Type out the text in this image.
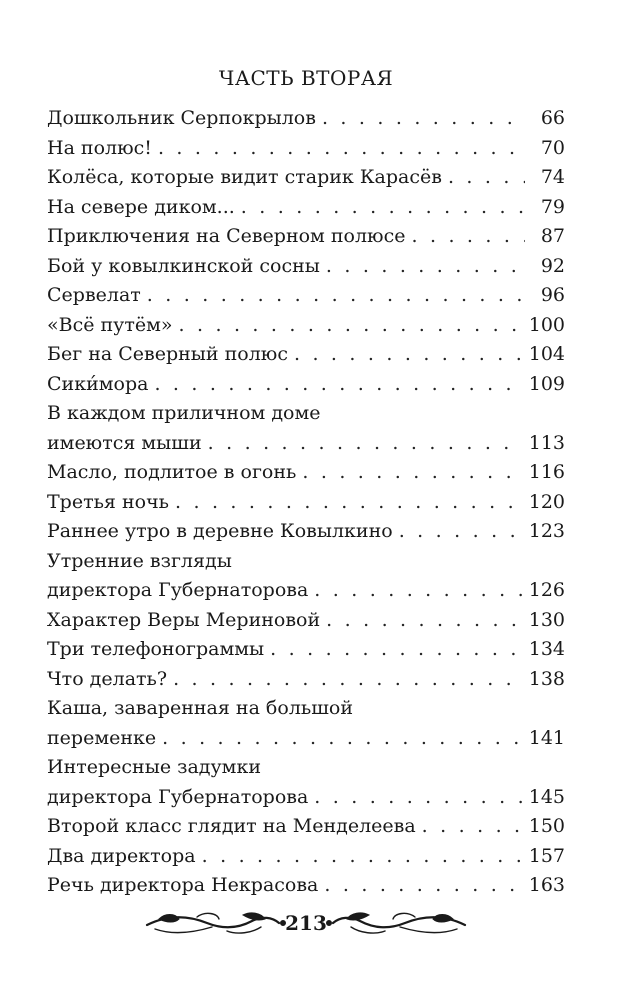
ЧАСТЬ ВТОРАЯ
Дошкольник Серпокрылов . . .	66
На полюс! . . .	70
Колёса, которые видит старик Карасёв . . .	74
На севере диком... . . .	79
Приключения на Северном полюсе . . .	87
Бой у ковылкинской сосны . . .	92
Сервелат . . .	96
«Всё путём» . . .	100
Бег на Северный полюс . . .	104
Сики́мора . . .	109
В каждом приличном доме
имеются мыши . . .	113
Масло, подлитое в огонь . . .	116
Третья ночь . . .	120
Раннее утро в деревне Ковылкино . . .	123
Утренние взгляды
директора Губернаторова . . .	126
Характер Веры Мериновой . . .	130
Три телефонограммы . . .	134
Что делать? . . .	138
Каша, заваренная на большой
переменке . . .	141
Интересные задумки
директора Губернаторова . . .	145
Второй класс глядит на Менделеева . . .	150
Два директора . . .	157
Речь директора Некрасова . . .	163
213
